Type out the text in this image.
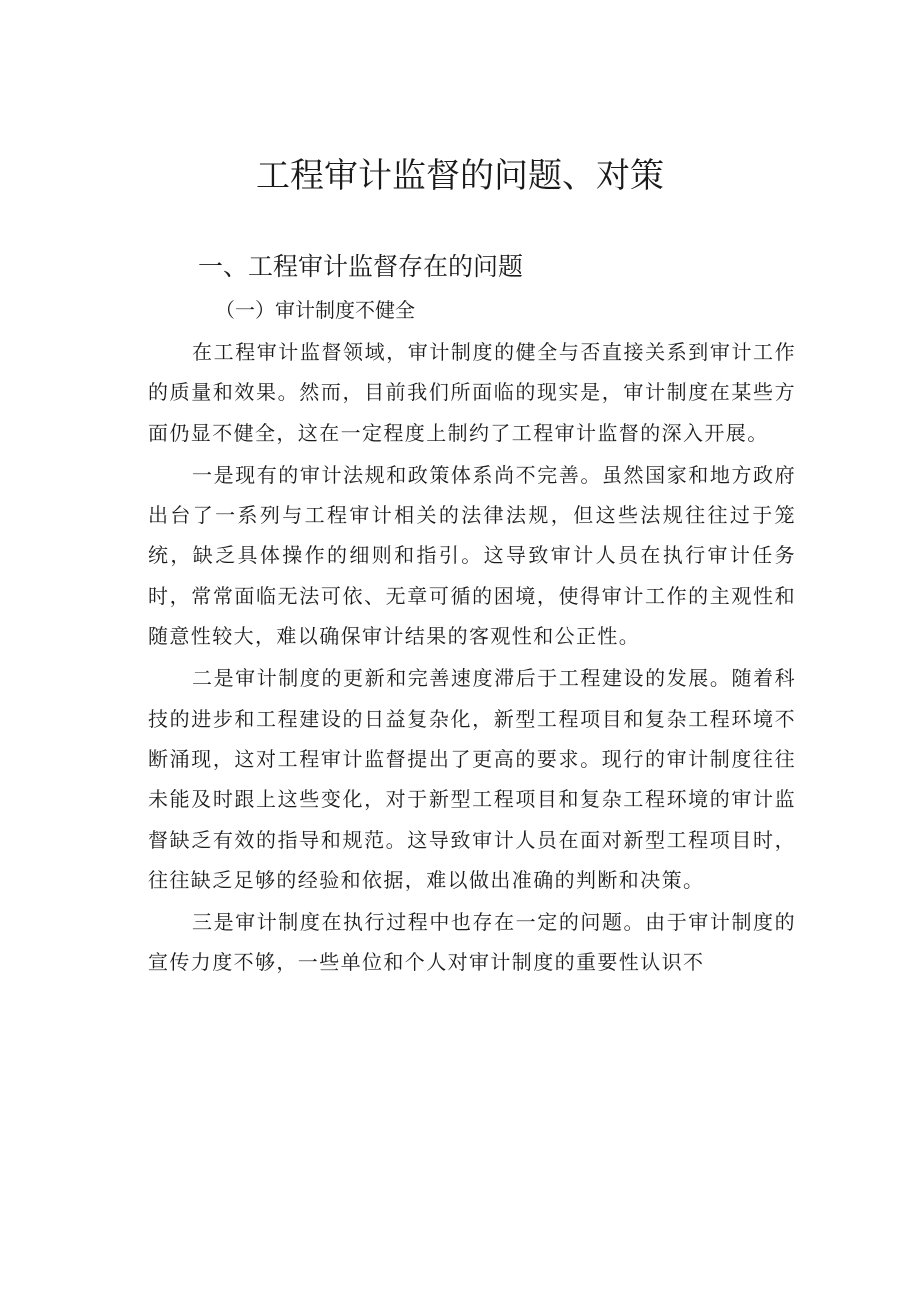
工程审计监督的问题、对策
一、工程审计监督存在的问题
（一）审计制度不健全

在工程审计监督领域，审计制度的健全与否直接关系到审计工作的质量和效果。然而，目前我们所面临的现实是，审计制度在某些方面仍显不健全，这在一定程度上制约了工程审计监督的深入开展。

一是现有的审计法规和政策体系尚不完善。虽然国家和地方政府出台了一系列与工程审计相关的法律法规，但这些法规往往过于笼统，缺乏具体操作的细则和指引。这导致审计人员在执行审计任务时，常常面临无法可依、无章可循的困境，使得审计工作的主观性和随意性较大，难以确保审计结果的客观性和公正性。

二是审计制度的更新和完善速度滞后于工程建设的发展。随着科技的进步和工程建设的日益复杂化，新型工程项目和复杂工程环境不断涌现，这对工程审计监督提出了更高的要求。现行的审计制度往往未能及时跟上这些变化，对于新型工程项目和复杂工程环境的审计监督缺乏有效的指导和规范。这导致审计人员在面对新型工程项目时，往往缺乏足够的经验和依据，难以做出准确的判断和决策。

三是审计制度在执行过程中也存在一定的问题。由于审计制度的宣传力度不够，一些单位和个人对审计制度的重要性认识不
